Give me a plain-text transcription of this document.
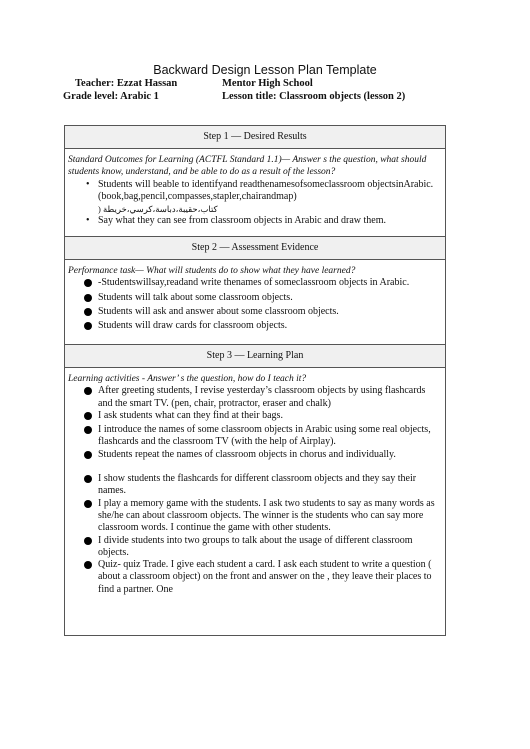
Backward Design Lesson Plan Template
Teacher: Ezzat Hassan	Mentor High School
Grade level: Arabic 1	Lesson title: Classroom objects (lesson 2)
Step 1 — Desired Results
Standard Outcomes for Learning (ACTFL Standard 1.1)— Answer s the question, what should students know, understand, and be able to do as a result of the lesson?
• Students will beable to identifyand readthenamesofsomeclassroom objectsinArabic.(book,bag,pencil,compasses,stapler,chairandmap)
كتاب،حقيبة،دباسة،كرسي،خريطة (
• Say what they can see from classroom objects in Arabic and draw them.
Step 2 — Assessment Evidence
Performance task— What will students do to show what they have learned?
-Studentswillsay,readand write thenames of someclassroom objects in Arabic.
Students will talk about some classroom objects.
Students will ask and answer about some classroom objects.
Students will draw cards for classroom objects.
Step 3 — Learning Plan
Learning activities - Answer’ s the question, how do I teach it?
After greeting students, I revise yesterday’s classroom objects by using flashcards and the smart TV. (pen, chair, protractor, eraser and chalk)
I ask students what can they find at their bags.
I introduce the names of some classroom objects in Arabic using some real objects, flashcards and the classroom TV (with the help of Airplay).
Students repeat the names of classroom objects in chorus and individually.
I show students the flashcards for different classroom objects and they say their names.
I play a memory game with the students. I ask two students to say as many words as she/he can about classroom objects. The winner is the students who can say more classroom words. I continue the game with other students.
I divide students into two groups to talk about the usage of different classroom objects.
Quiz- quiz Trade. I give each student a card. I ask each student to write a question ( about a classroom object) on the front and answer on the , they leave their places to find a partner. One
